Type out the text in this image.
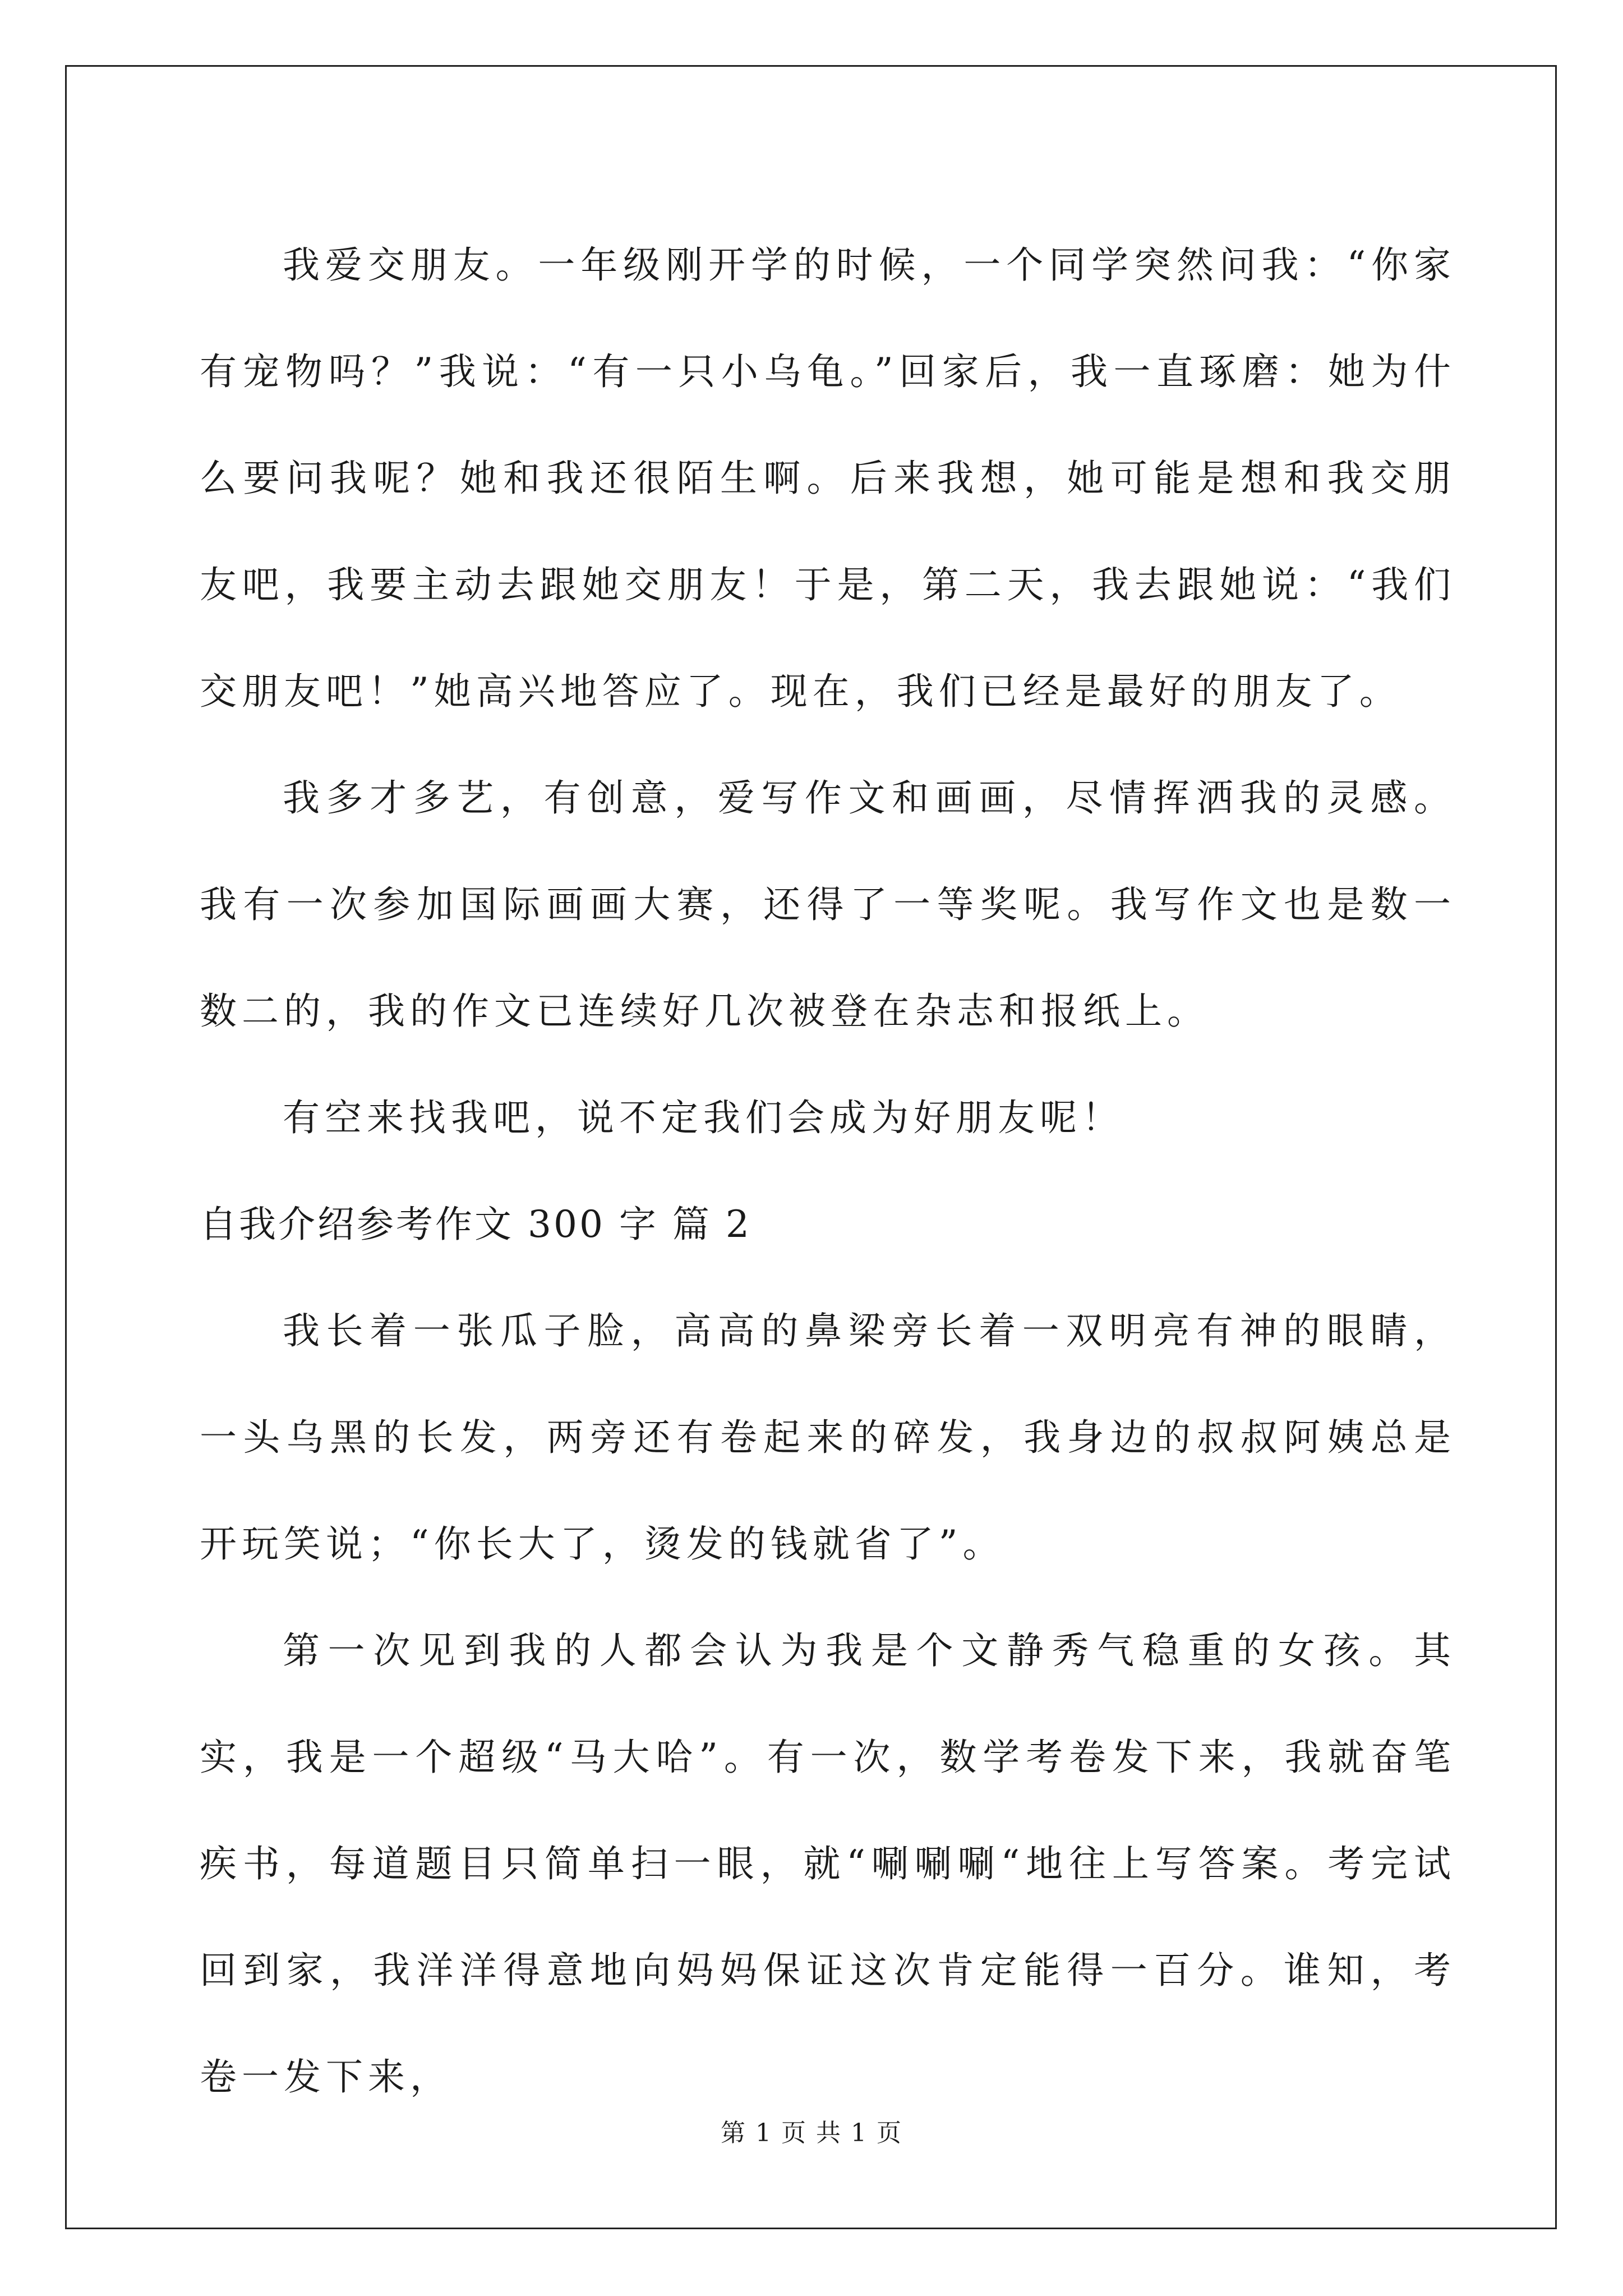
我爱交朋友。一年级刚开学的时候，一个同学突然问我：“你家有宠物吗？”我说：“有一只小乌龟。”回家后，我一直琢磨：她为什么要问我呢？她和我还很陌生啊。后来我想，她可能是想和我交朋友吧，我要主动去跟她交朋友！于是，第二天，我去跟她说：“我们交朋友吧！”她高兴地答应了。现在，我们已经是最好的朋友了。

我多才多艺，有创意，爱写作文和画画，尽情挥洒我的灵感。我有一次参加国际画画大赛，还得了一等奖呢。我写作文也是数一数二的，我的作文已连续好几次被登在杂志和报纸上。

有空来找我吧，说不定我们会成为好朋友呢！

自我介绍参考作文 300 字 篇 2

我长着一张瓜子脸，高高的鼻梁旁长着一双明亮有神的眼睛，一头乌黑的长发，两旁还有卷起来的碎发，我身边的叔叔阿姨总是开玩笑说；“你长大了，烫发的钱就省了”。

第一次见到我的人都会认为我是个文静秀气稳重的女孩。其实，我是一个超级“马大哈”。有一次，数学考卷发下来，我就奋笔疾书，每道题目只简单扫一眼，就“唰唰唰“地往上写答案。考完试回到家，我洋洋得意地向妈妈保证这次肯定能得一百分。谁知，考卷一发下来，

第 1 页 共 1 页
